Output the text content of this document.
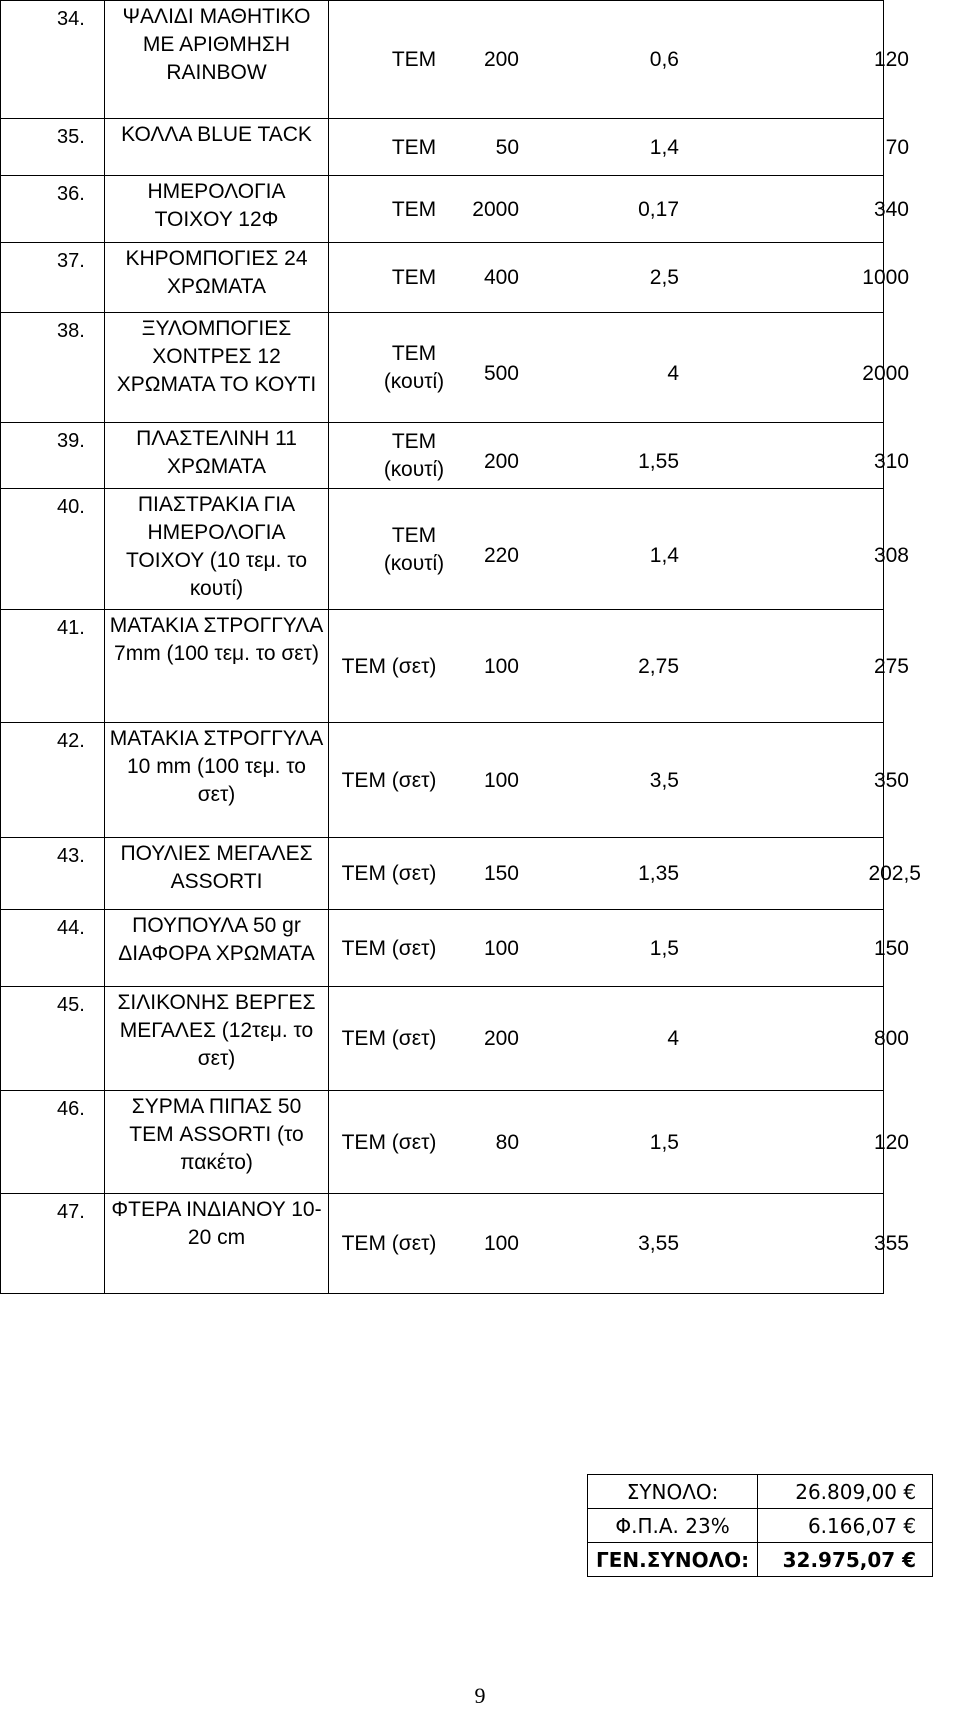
34.	ΨΑΛΙΔΙ ΜΑΘΗΤΙΚΟ ΜΕ ΑΡΙΘΜΗΣΗ RAINBOW	ΤΕΜ 200 0,6 120

35.	ΚΟΛΛΑ BLUE TACK	ΤΕΜ 50 1,4 70

36.	ΗΜΕΡΟΛΟΓΙΑ ΤΟΙΧΟΥ 12Φ	ΤΕΜ 2000 0,17 340

37.	ΚΗΡΟΜΠΟΓΙΕΣ 24 ΧΡΩΜΑΤΑ	ΤΕΜ 400 2,5 1000

38.	ΞΥΛΟΜΠΟΓΙΕΣ ΧΟΝΤΡΕΣ 12 ΧΡΩΜΑΤΑ ΤΟ ΚΟΥΤΙ	ΤΕΜ (κουτί) 500 4 2000

39.	ΠΛΑΣΤΕΛΙΝΗ 11 ΧΡΩΜΑΤΑ	ΤΕΜ (κουτί) 200 1,55 310

40.	ΠΙΑΣΤΡΑΚΙΑ ΓΙΑ ΗΜΕΡΟΛΟΓΙΑ ΤΟΙΧΟΥ (10 τεμ. το κουτί)	ΤΕΜ (κουτί) 220 1,4 308

41.	ΜΑΤΑΚΙΑ ΣΤΡΟΓΓΥΛΑ 7mm (100 τεμ. το σετ)	ΤΕΜ (σετ) 100 2,75 275

42.	ΜΑΤΑΚΙΑ ΣΤΡΟΓΓΥΛΑ 10 mm (100 τεμ. το σετ)	ΤΕΜ (σετ) 100 3,5 350

43.	ΠΟΥΛΙΕΣ ΜΕΓΑΛΕΣ ASSORTI	ΤΕΜ (σετ) 150 1,35 202,5

44.	ΠΟΥΠΟΥΛΑ 50 gr ΔΙΑΦΟΡΑ ΧΡΩΜΑΤΑ	ΤΕΜ (σετ) 100 1,5 150

45.	ΣΙΛΙΚΟΝΗΣ ΒΕΡΓΕΣ ΜΕΓΑΛΕΣ (12τεμ. το σετ)	ΤΕΜ (σετ) 200 4 800

46.	ΣΥΡΜΑ ΠΙΠΑΣ 50 ΤΕΜ ASSORTI (το πακέτο)	ΤΕΜ (σετ) 80 1,5 120

47.	ΦΤΕΡΑ ΙΝΔΙΑΝΟΥ 10-20 cm	ΤΕΜ (σετ) 100 3,55 355
ΣΥΝΟΛΟ:	26.809,00 €
Φ.Π.Α. 23%	6.166,07 €
ΓΕΝ.ΣΥΝΟΛΟ:	32.975,07 €
9
